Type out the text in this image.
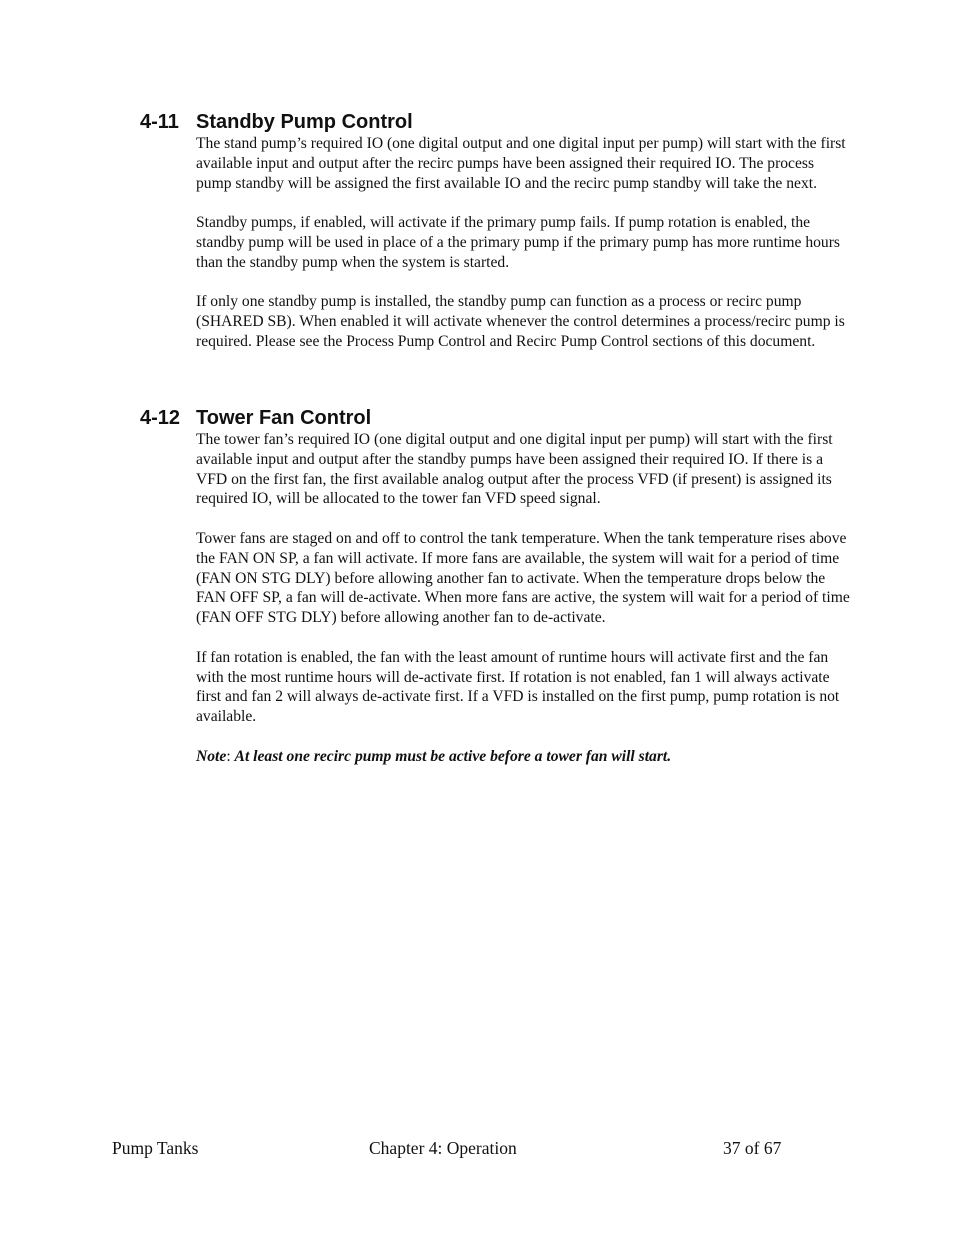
4-11 Standby Pump Control

The stand pump’s required IO (one digital output and one digital input per pump) will start with the first available input and output after the recirc pumps have been assigned their required IO. The process pump standby will be assigned the first available IO and the recirc pump standby will take the next.

Standby pumps, if enabled, will activate if the primary pump fails. If pump rotation is enabled, the standby pump will be used in place of a the primary pump if the primary pump has more runtime hours than the standby pump when the system is started.

If only one standby pump is installed, the standby pump can function as a process or recirc pump (SHARED SB). When enabled it will activate whenever the control determines a process/recirc pump is required. Please see the Process Pump Control and Recirc Pump Control sections of this document.

4-12 Tower Fan Control

The tower fan’s required IO (one digital output and one digital input per pump) will start with the first available input and output after the standby pumps have been assigned their required IO. If there is a VFD on the first fan, the first available analog output after the process VFD (if present) is assigned its required IO, will be allocated to the tower fan VFD speed signal.

Tower fans are staged on and off to control the tank temperature. When the tank temperature rises above the FAN ON SP, a fan will activate. If more fans are available, the system will wait for a period of time (FAN ON STG DLY) before allowing another fan to activate. When the temperature drops below the FAN OFF SP, a fan will de-activate. When more fans are active, the system will wait for a period of time (FAN OFF STG DLY) before allowing another fan to de-activate.

If fan rotation is enabled, the fan with the least amount of runtime hours will activate first and the fan with the most runtime hours will de-activate first. If rotation is not enabled, fan 1 will always activate first and fan 2 will always de-activate first. If a VFD is installed on the first pump, pump rotation is not available.

Note: At least one recirc pump must be active before a tower fan will start.

Pump Tanks	Chapter 4: Operation	37 of 67
